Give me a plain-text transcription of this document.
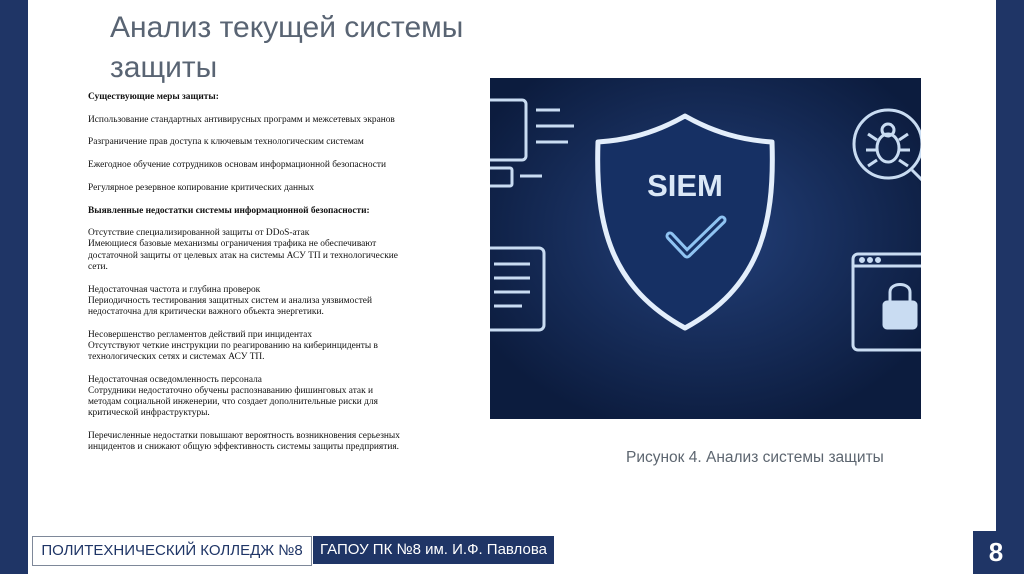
Анализ текущей системы защиты

Существующие меры защиты:

Использование стандартных антивирусных программ и межсетевых экранов

Разграничение прав доступа к ключевым технологическим системам

Ежегодное обучение сотрудников основам информационной безопасности

Регулярное резервное копирование критических данных

Выявленные недостатки системы информационной безопасности:

Отсутствие специализированной защиты от DDoS-атак
Имеющиеся базовые механизмы ограничения трафика не обеспечивают достаточной защиты от целевых атак на системы АСУ ТП и технологические сети.

Недостаточная частота и глубина проверок
Периодичность тестирования защитных систем и анализа уязвимостей недостаточна для критически важного объекта энергетики.

Несовершенство регламентов действий при инцидентах
Отсутствуют четкие инструкции по реагированию на киберинциденты в технологических сетях и системах АСУ ТП.

Недостаточная осведомленность персонала
Сотрудники недостаточно обучены распознаванию фишинговых атак и методам социальной инженерии, что создает дополнительные риски для критической инфраструктуры.

Перечисленные недостатки повышают вероятность возникновения серьезных инцидентов и снижают общую эффективность системы защиты предприятия.

SIEM
Рисунок 4. Анализ системы защиты
ПОЛИТЕХНИЧЕСКИЙ КОЛЛЕДЖ №8	ГАПОУ ПК №8 им. И.Ф. Павлова	8
